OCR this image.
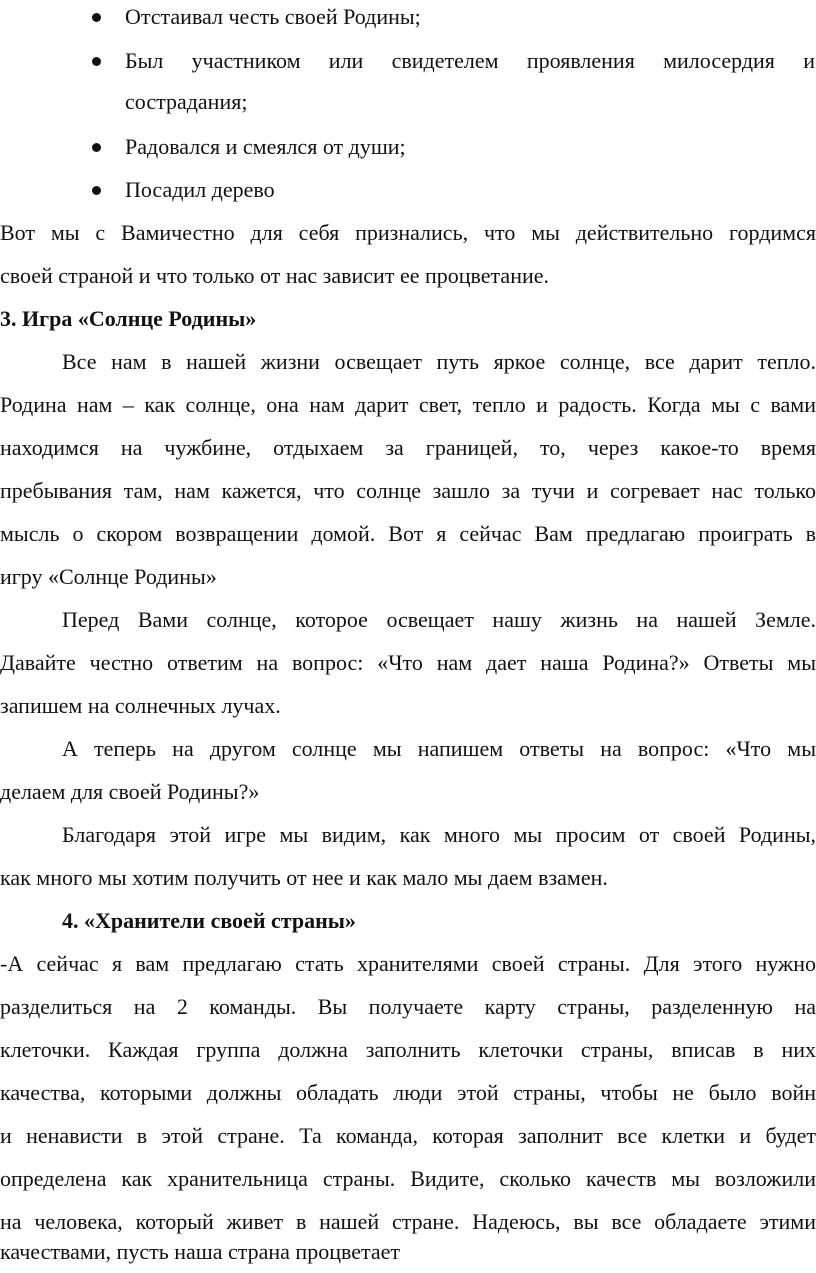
Отстаивал честь своей Родины;
Был участником или свидетелем проявления милосердия и
сострадания;
Радовался и смеялся от души;
Посадил дерево
Вот мы с Вамичестно для себя признались, что мы действительно гордимся
своей страной и что только от нас зависит ее процветание.
3. Игра «Солнце Родины»
Все нам в нашей жизни освещает путь яркое солнце, все дарит тепло.
Родина нам – как солнце, она нам дарит свет, тепло и радость. Когда мы с вами
находимся на чужбине, отдыхаем за границей, то, через какое-то время
пребывания там, нам кажется, что солнце зашло за тучи и согревает нас только
мысль о скором возвращении домой. Вот я сейчас Вам предлагаю проиграть в
игру «Солнце Родины»
Перед Вами солнце, которое освещает нашу жизнь на нашей Земле.
Давайте честно ответим на вопрос: «Что нам дает наша Родина?» Ответы мы
запишем на солнечных лучах.
А теперь на другом солнце мы напишем ответы на вопрос: «Что мы
делаем для своей Родины?»
Благодаря этой игре мы видим, как много мы просим от своей Родины,
как много мы хотим получить от нее и как мало мы даем взамен.
4. «Хранители своей страны»
-А сейчас я вам предлагаю стать хранителями своей страны. Для этого нужно
разделиться на 2 команды. Вы получаете карту страны, разделенную на
клеточки. Каждая группа должна заполнить клеточки страны, вписав в них
качества, которыми должны обладать люди этой страны, чтобы не было войн
и ненависти в этой стране. Та команда, которая заполнит все клетки и будет
определена как хранительница страны. Видите, сколько качеств мы возложили
на человека, который живет в нашей стране. Надеюсь, вы все обладаете этими
качествами, пусть наша страна процветает
